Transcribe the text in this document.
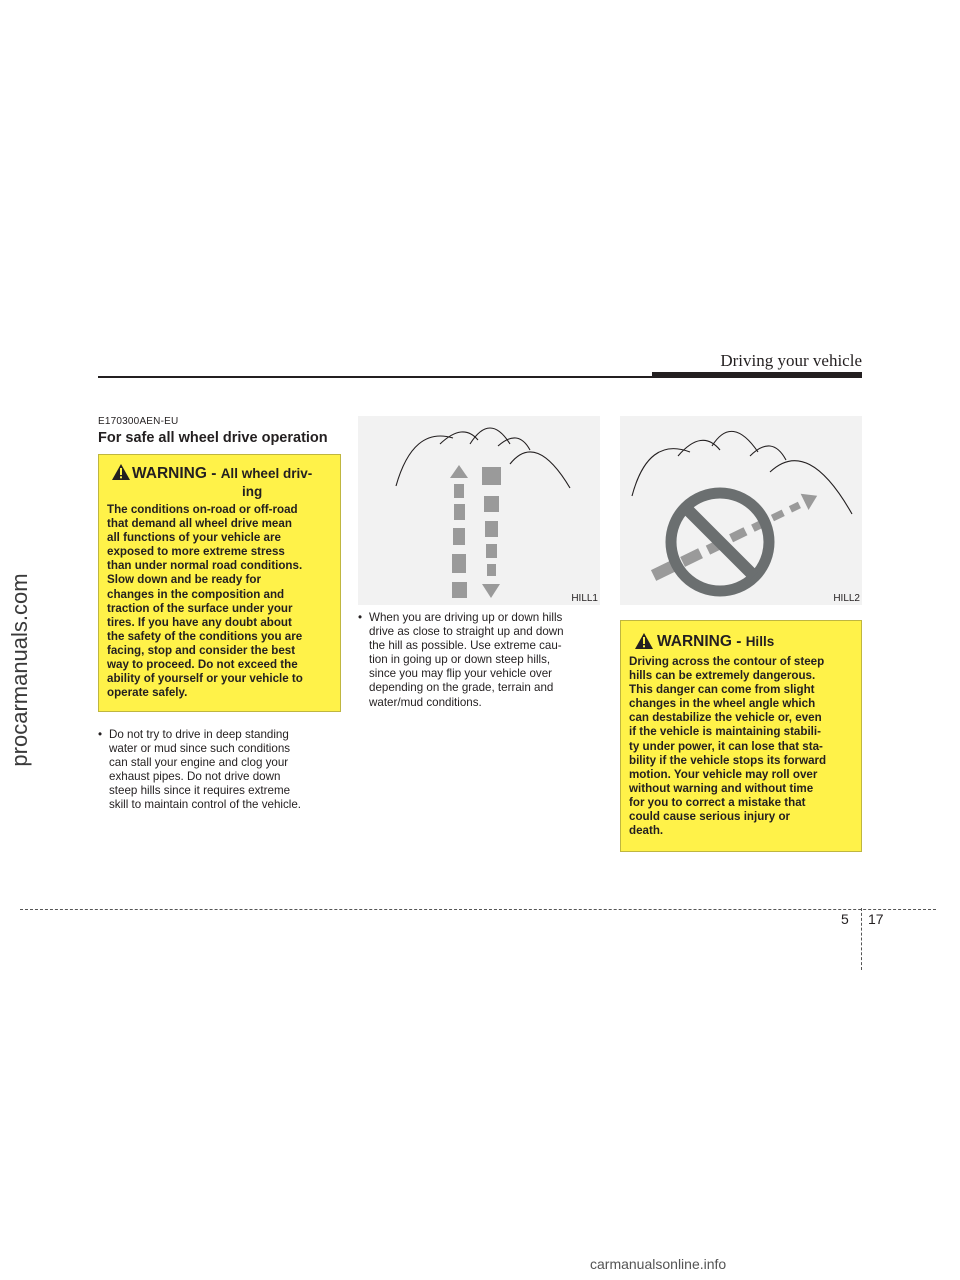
procarmanuals.com
Driving your vehicle
E170300AEN-EU
For safe all wheel drive operation
WARNING - All wheel driv-
ing
The conditions on-road or off-road
that demand all wheel drive mean
all functions of your vehicle are
exposed to more extreme stress
than under normal road conditions.
Slow down and be ready for
changes in the composition and
traction of the surface under your
tires. If you have any doubt about
the safety of the conditions you are
facing, stop and consider the best
way to proceed. Do not exceed the
ability of yourself or your vehicle to
operate safely.
• Do not try to drive in deep standing
water or mud since such conditions
can stall your engine and clog your
exhaust pipes. Do not drive down
steep hills since it requires extreme
skill to maintain control of the vehicle.
HILL1
• When you are driving up or down hills
drive as close to straight up and down
the hill as possible. Use extreme cau-
tion in going up or down steep hills,
since you may flip your vehicle over
depending on the grade, terrain and
water/mud conditions.
HILL2
WARNING - Hills
Driving across the contour of steep
hills can be extremely dangerous.
This danger can come from slight
changes in the wheel angle which
can destabilize the vehicle or, even
if the vehicle is maintaining stabili-
ty under power, it can lose that sta-
bility if the vehicle stops its forward
motion. Your vehicle may roll over
without warning and without time
for you to correct a mistake that
could cause serious injury or
death.
5 17
carmanualsonline.info
